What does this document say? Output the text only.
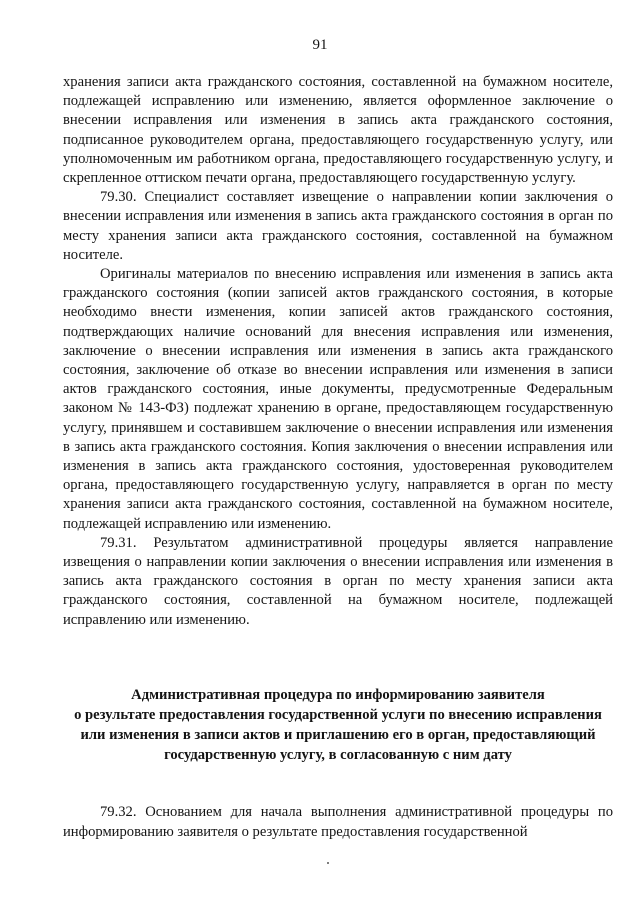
91

хранения записи акта гражданского состояния, составленной на бумажном носителе, подлежащей исправлению или изменению, является оформленное заключение о внесении исправления или изменения в запись акта гражданского состояния, подписанное руководителем органа, предоставляющего государственную услугу, или уполномоченным им работником органа, предоставляющего государственную услугу, и скрепленное оттиском печати органа, предоставляющего государственную услугу.

79.30. Специалист составляет извещение о направлении копии заключения о внесении исправления или изменения в запись акта гражданского состояния в орган по месту хранения записи акта гражданского состояния, составленной на бумажном носителе.

Оригиналы материалов по внесению исправления или изменения в запись акта гражданского состояния (копии записей актов гражданского состояния, в которые необходимо внести изменения, копии записей актов гражданского состояния, подтверждающих наличие оснований для внесения исправления или изменения, заключение о внесении исправления или изменения в запись акта гражданского состояния, заключение об отказе во внесении исправления или изменения в записи актов гражданского состояния, иные документы, предусмотренные Федеральным законом № 143-ФЗ) подлежат хранению в органе, предоставляющем государственную услугу, принявшем и составившем заключение о внесении исправления или изменения в запись акта гражданского состояния. Копия заключения о внесении исправления или изменения в запись акта гражданского состояния, удостоверенная руководителем органа, предоставляющего государственную услугу, направляется в орган по месту хранения записи акта гражданского состояния, составленной на бумажном носителе, подлежащей исправлению или изменению.

79.31. Результатом административной процедуры является направление извещения о направлении копии заключения о внесении исправления или изменения в запись акта гражданского состояния в орган по месту хранения записи акта гражданского состояния, составленной на бумажном носителе, подлежащей исправлению или изменению.

Административная процедура по информированию заявителя
о результате предоставления государственной услуги по внесению исправления
или изменения в записи актов и приглашению его в орган, предоставляющий
государственную услугу, в согласованную с ним дату

79.32. Основанием для начала выполнения административной процедуры по информированию заявителя о результате предоставления государственной
